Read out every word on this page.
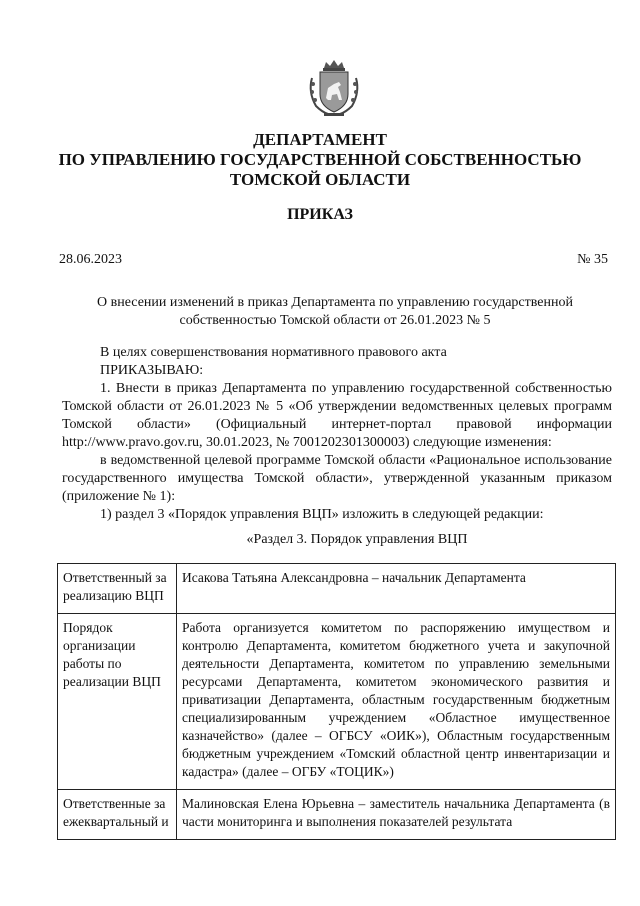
ДЕПАРТАМЕНТ
ПО УПРАВЛЕНИЮ ГОСУДАРСТВЕННОЙ СОБСТВЕННОСТЬЮ
ТОМСКОЙ ОБЛАСТИ
ПРИКАЗ
28.06.2023	№ 35
О внесении изменений в приказ Департамента по управлению государственной
собственностью Томской области от 26.01.2023 № 5

В целях совершенствования нормативного правового акта

ПРИКАЗЫВАЮ:

1. Внести в приказ Департамента по управлению государственной собственностью Томской области от 26.01.2023 № 5 «Об утверждении ведомственных целевых программ Томской области» (Официальный интернет-портал правовой информации http://www.pravo.gov.ru, 30.01.2023, № 7001202301300003) следующие изменения:

в ведомственной целевой программе Томской области «Рациональное использование государственного имущества Томской области», утвержденной указанным приказом (приложение № 1):

1) раздел 3 «Порядок управления ВЦП» изложить в следующей редакции:

«Раздел 3. Порядок управления ВЦП
Ответственный за реализацию ВЦП	Исакова Татьяна Александровна – начальник Департамента
Порядок организации работы по реализации ВЦП	Работа организуется комитетом по распоряжению имуществом и контролю Департамента, комитетом бюджетного учета и закупочной деятельности Департамента, комитетом по управлению земельными ресурсами Департамента, комитетом экономического развития и приватизации Департамента, областным государственным бюджетным специализированным учреждением «Областное имущественное казначейство» (далее – ОГБСУ «ОИК»), Областным государственным бюджетным учреждением «Томский областной центр инвентаризации и кадастра» (далее – ОГБУ «ТОЦИК»)
Ответственные за ежеквартальный и	Малиновская Елена Юрьевна – заместитель начальника Департамента (в части мониторинга и выполнения показателей результата
